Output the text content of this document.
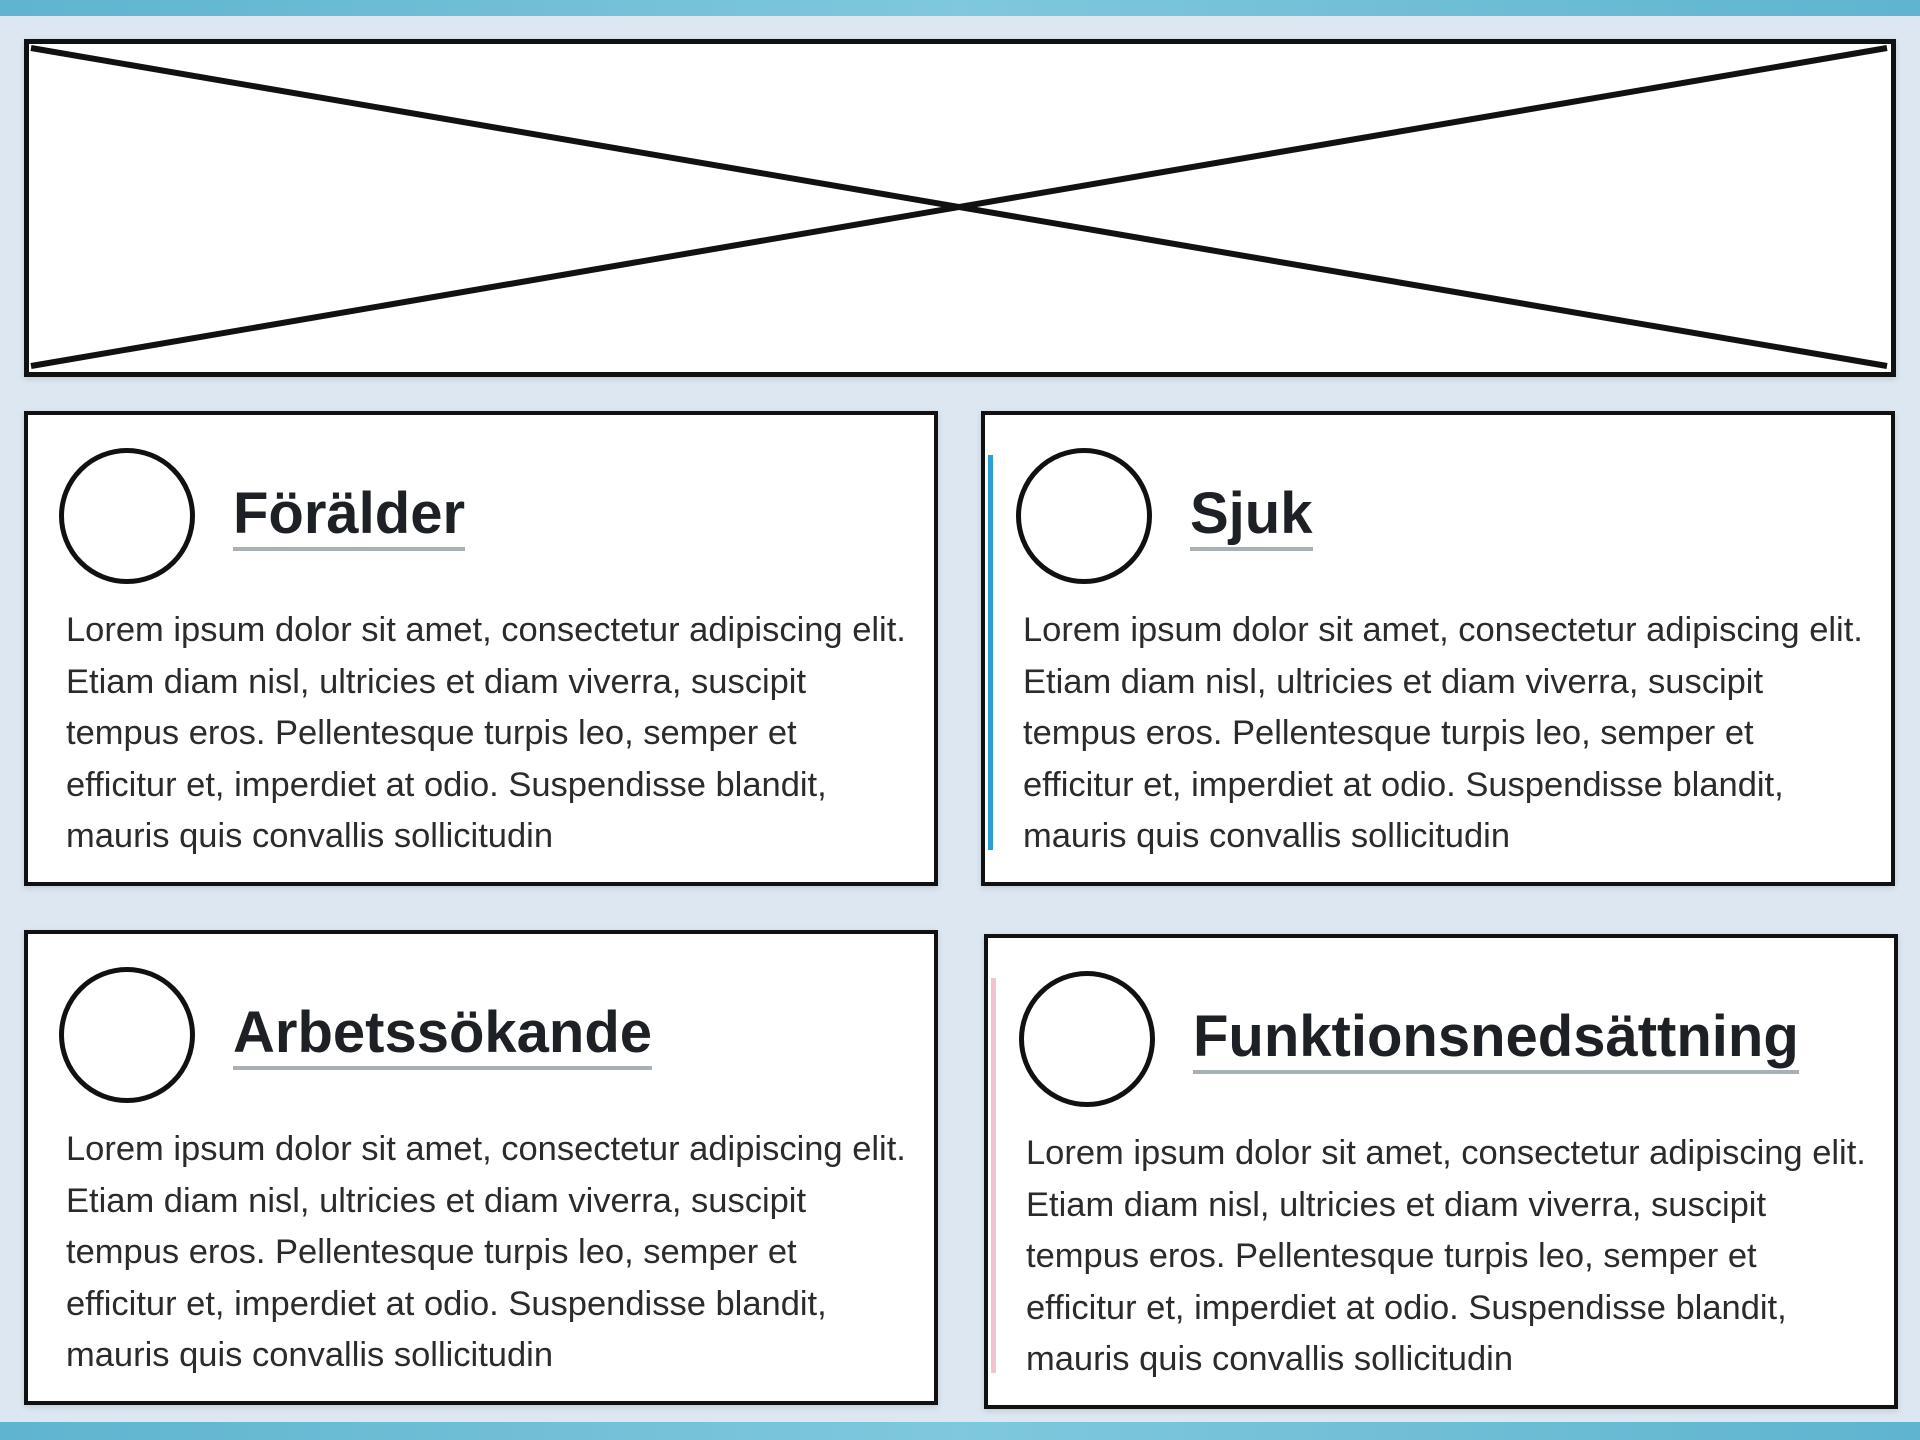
Förälder

Lorem ipsum dolor sit amet, consectetur adipiscing elit. Etiam diam nisl, ultricies et diam viverra, suscipit tempus eros. Pellentesque turpis leo, semper et efficitur et, imperdiet at odio. Suspendisse blandit, mauris quis convallis sollicitudin

Sjuk

Lorem ipsum dolor sit amet, consectetur adipiscing elit. Etiam diam nisl, ultricies et diam viverra, suscipit tempus eros. Pellentesque turpis leo, semper et efficitur et, imperdiet at odio. Suspendisse blandit, mauris quis convallis sollicitudin

Arbetssökande

Lorem ipsum dolor sit amet, consectetur adipiscing elit. Etiam diam nisl, ultricies et diam viverra, suscipit tempus eros. Pellentesque turpis leo, semper et efficitur et, imperdiet at odio. Suspendisse blandit, mauris quis convallis sollicitudin

Funktionsnedsättning

Lorem ipsum dolor sit amet, consectetur adipiscing elit. Etiam diam nisl, ultricies et diam viverra, suscipit tempus eros. Pellentesque turpis leo, semper et efficitur et, imperdiet at odio. Suspendisse blandit, mauris quis convallis sollicitudin
